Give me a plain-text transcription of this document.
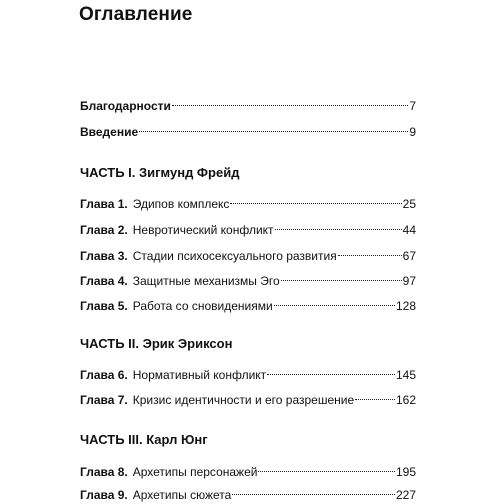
Оглавление
Благодарности	7
Введение	9
ЧАСТЬ I. Зигмунд Фрейд
Глава 1. Эдипов комплекс	25
Глава 2. Невротический конфликт	44
Глава 3. Стадии психосексуального развития	67
Глава 4. Защитные механизмы Эго	97
Глава 5. Работа со сновидениями	128
ЧАСТЬ II. Эрик Эриксон
Глава 6. Нормативный конфликт	145
Глава 7. Кризис идентичности и его разрешение	162
ЧАСТЬ III. Карл Юнг
Глава 8. Архетипы персонажей	195
Глава 9. Архетипы сюжета	227
